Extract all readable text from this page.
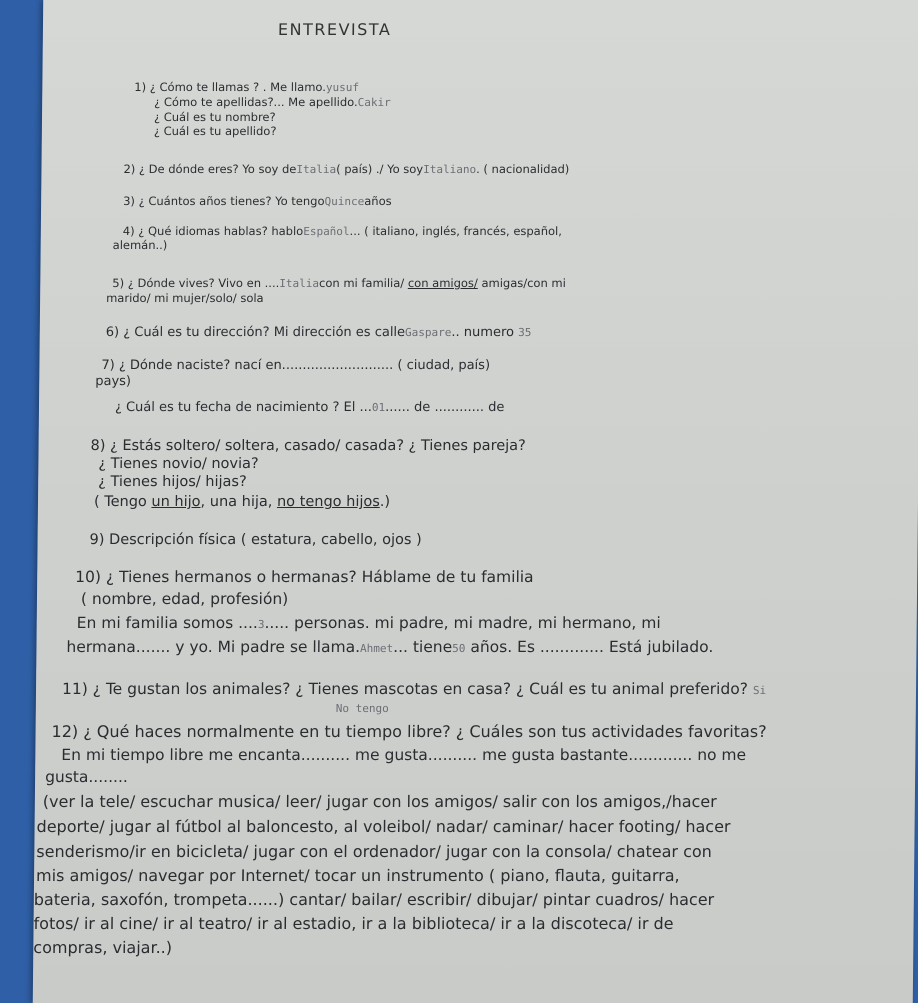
ENTREVISTA
1) ¿ Cómo te llamas ? . Me llamo.yusuf
¿ Cómo te apellidas?... Me apellido.Cakir
¿ Cuál es tu nombre?
¿ Cuál es tu apellido?
2) ¿ De dónde eres? Yo soy deItalia( país) ./ Yo soyItaliano. ( nacionalidad)
3) ¿ Cuántos años tienes? Yo tengoQuinceaños
4) ¿ Qué idiomas hablas? habloEspañol... ( italiano, inglés, francés, español,
alemán..)
5) ¿ Dónde vives? Vivo en ....Italiacon mi familia/ con amigos/ amigas/con mi
marido/ mi mujer/solo/ sola
6) ¿ Cuál es tu dirección? Mi dirección es calleGaspare.. numero 35
7) ¿ Dónde naciste? nací en........................... ( ciudad, país)
pays)
¿ Cuál es tu fecha de nacimiento ? El ...01...... de ............ de
8) ¿ Estás soltero/ soltera, casado/ casada? ¿ Tienes pareja?
¿ Tienes novio/ novia?
¿ Tienes hijos/ hijas?
( Tengo un hijo, una hija, no tengo hijos.)
9) Descripción física ( estatura, cabello, ojos )
10) ¿ Tienes hermanos o hermanas? Háblame de tu familia
( nombre, edad, profesión)
En mi familia somos ....3..... personas. mi padre, mi madre, mi hermano, mi
hermana....... y yo. Mi padre se llama.Ahmet... tiene50 años. Es ............. Está jubilado.
11) ¿ Te gustan los animales? ¿ Tienes mascotas en casa? ¿ Cuál es tu animal preferido? Si
No tengo
12) ¿ Qué haces normalmente en tu tiempo libre? ¿ Cuáles son tus actividades favoritas?
En mi tiempo libre me encanta.......... me gusta.......... me gusta bastante............. no me
gusta........
(ver la tele/ escuchar musica/ leer/ jugar con los amigos/ salir con los amigos,/hacer
deporte/ jugar al fútbol al baloncesto, al voleibol/ nadar/ caminar/ hacer footing/ hacer
senderismo/ir en bicicleta/ jugar con el ordenador/ jugar con la consola/ chatear con
mis amigos/ navegar por Internet/ tocar un instrumento ( piano, flauta, guitarra,
bateria, saxofón, trompeta......) cantar/ bailar/ escribir/ dibujar/ pintar cuadros/ hacer
fotos/ ir al cine/ ir al teatro/ ir al estadio, ir a la biblioteca/ ir a la discoteca/ ir de
compras, viajar..)
